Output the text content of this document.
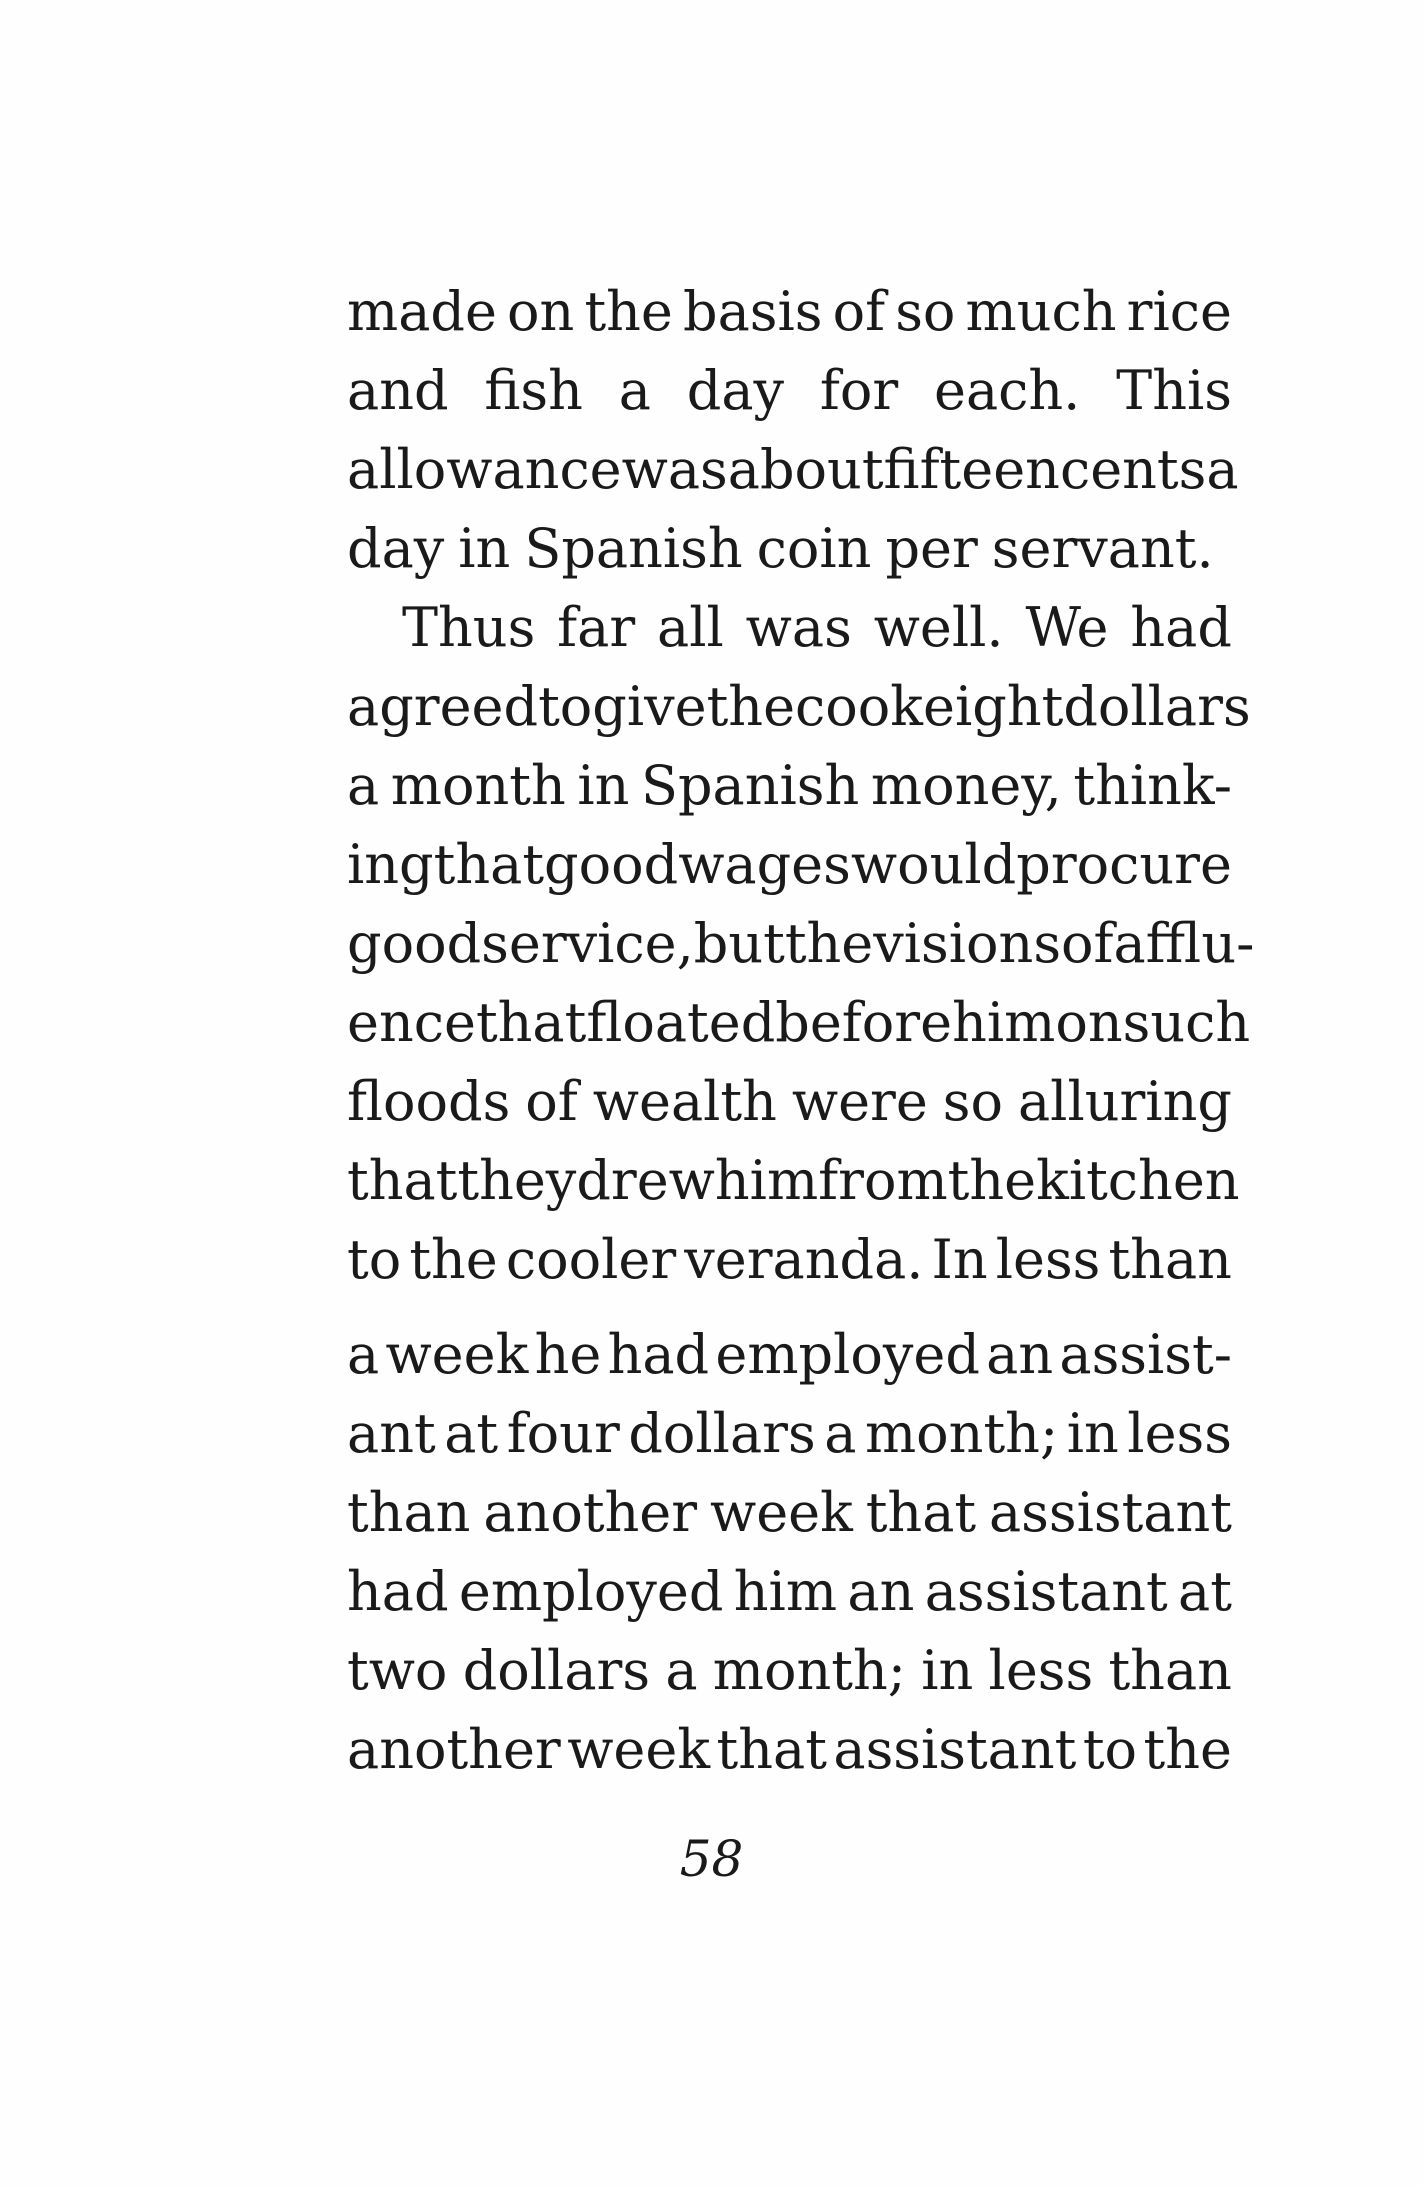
made on the basis of so much rice
and fish a day for each. This
allowance was about fifteen cents a
day in Spanish coin per servant.
Thus far all was well. We had
agreed to give the cook eight dollars
a month in Spanish money, think-
ing that good wages would procure
good service, but the visions of afflu-
ence that floated before him on such
floods of wealth were so alluring
that they drew him from the kitchen
to the cooler veranda. In less than
a week he had employed an assist-
ant at four dollars a month; in less
than another week that assistant
had employed him an assistant at
two dollars a month; in less than
another week that assistant to the
58
